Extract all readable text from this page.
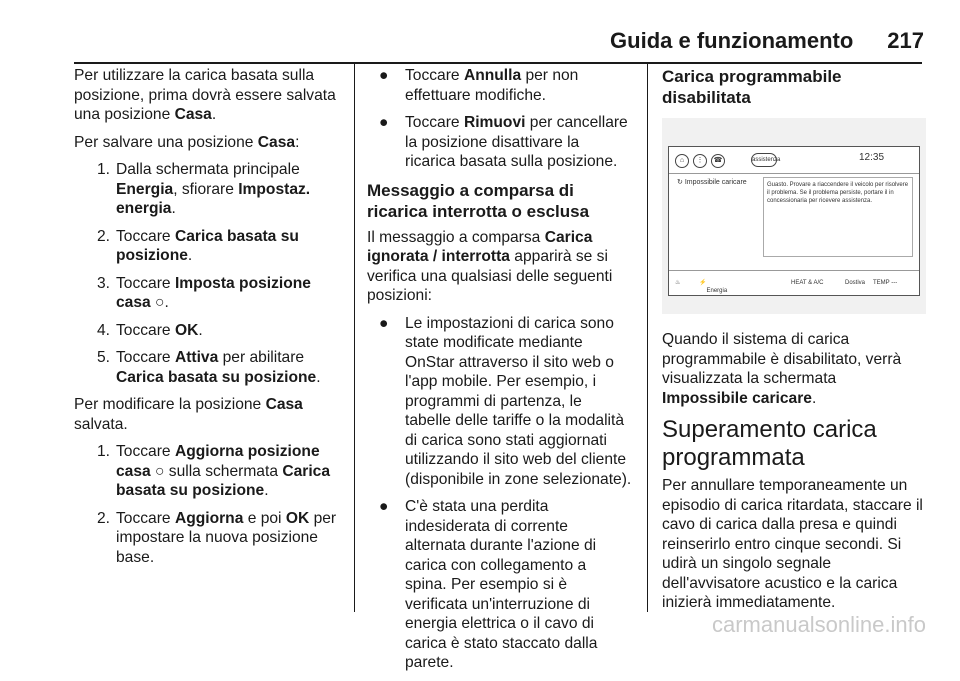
Guida e funzionamento 217

Per utilizzare la carica basata sulla posizione, prima dovrà essere salvata una posizione Casa.

Per salvare una posizione Casa:

1. Dalla schermata principale Energia, sfiorare Impostaz. energia.
2. Toccare Carica basata su posizione.
3. Toccare Imposta posizione casa ○.
4. Toccare OK.
5. Toccare Attiva per abilitare Carica basata su posizione.

Per modificare la posizione Casa salvata.

1. Toccare Aggiorna posizione casa ○ sulla schermata Carica basata su posizione.
2. Toccare Aggiorna e poi OK per impostare la nuova posizione base.
●	Toccare Annulla per non effettuare modifiche.
●	Toccare Rimuovi per cancellare la posizione disattivare la ricarica basata sulla posizione.
Messaggio a comparsa di ricarica interrotta o esclusa

Il messaggio a comparsa Carica ignorata / interrotta apparirà se si verifica una qualsiasi delle seguenti posizioni:

●	Le impostazioni di carica sono state modificate mediante OnStar attraverso il sito web o l'app mobile. Per esempio, i programmi di partenza, le tabelle delle tariffe o la modalità di carica sono stati aggiornati utilizzando il sito web del cliente (disponibile in zone selezionate).
●	C'è stata una perdita indesiderata di corrente alternata durante l'azione di carica con collegamento a spina. Per esempio si è verificata un'interruzione di energia elettrica o il cavo di carica è stato staccato dalla parete.
Carica programmabile disabilitata
⌂	⋮	☎	assistenza	12:35
↻ Impossibile caricare	Guasto. Provare a riaccendere il veicolo per risolvere il problema. Se il problema persiste, portare il in concessionaria per ricevere assistenza.
♨	⚡
Energia
HEAT & A/C	Dostiva TEMP ---

Quando il sistema di carica programmabile è disabilitato, verrà visualizzata la schermata Impossibile caricare.

Superamento carica programmata

Per annullare temporaneamente un episodio di carica ritardata, staccare il cavo di carica dalla presa e quindi reinserirlo entro cinque secondi. Si udirà un singolo segnale dell'avvisatore acustico e la carica inizierà immediatamente.

carmanualsonline.info
